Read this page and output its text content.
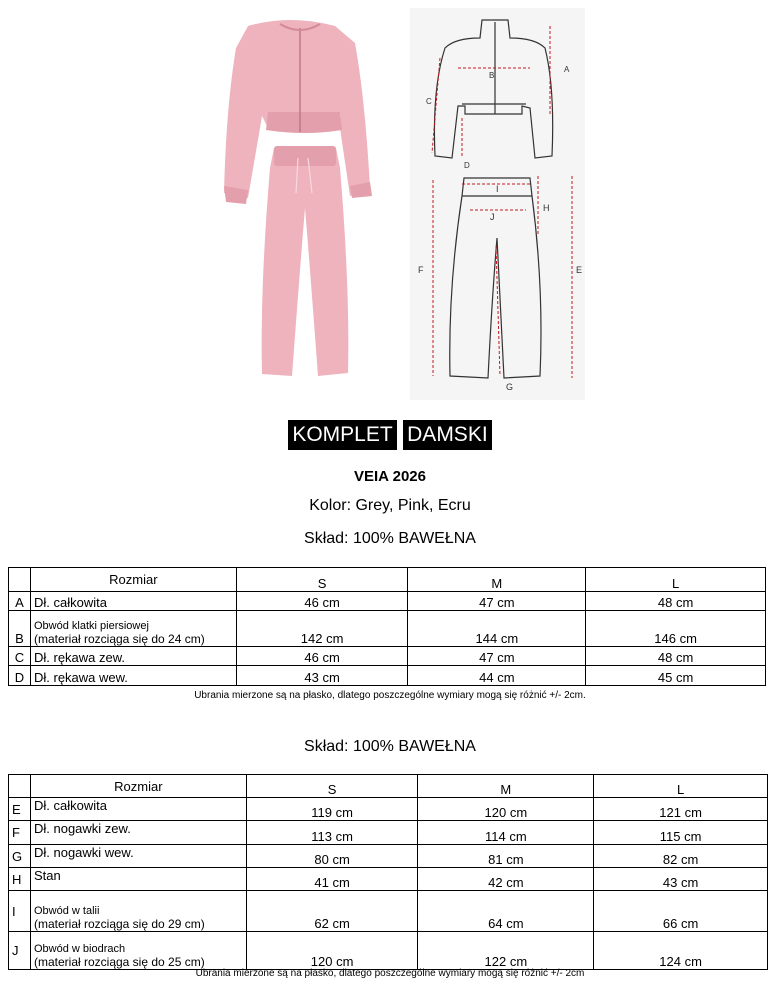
B
A
C
D
F	E
H
J
I
G
KOMPLET DAMSKI
VEIA 2026
Kolor: Grey, Pink, Ecru
Skład: 100% BAWEŁNA
	Rozmiar	S	M	L
A	Dł. całkowita	46 cm	47 cm	48 cm
B	Obwód klatki piersiowej
(materiał rozciąga się do 24 cm)	142 cm	144 cm	146 cm
C	Dł. rękawa zew.	46 cm	47 cm	48 cm
D	Dł. rękawa wew.	43 cm	44 cm	45 cm
Ubrania mierzone są na płasko, dlatego poszczególne wymiary mogą się różnić +/- 2cm.
Skład: 100% BAWEŁNA
	Rozmiar	S	M	L
E	Dł. całkowita	119 cm	120 cm	121 cm
F	Dł. nogawki zew.	113 cm	114 cm	115 cm
G	Dł. nogawki wew.	80 cm	81 cm	82 cm
H	Stan	41 cm	42 cm	43 cm
I	Obwód w talii
(materiał rozciąga się do 29 cm)	62 cm	64 cm	66 cm
J	Obwód w biodrach
(materiał rozciąga się do 25 cm)	120 cm	122 cm	124 cm
Ubrania mierzone są na płasko, dlatego poszczególne wymiary mogą się różnić +/- 2cm
